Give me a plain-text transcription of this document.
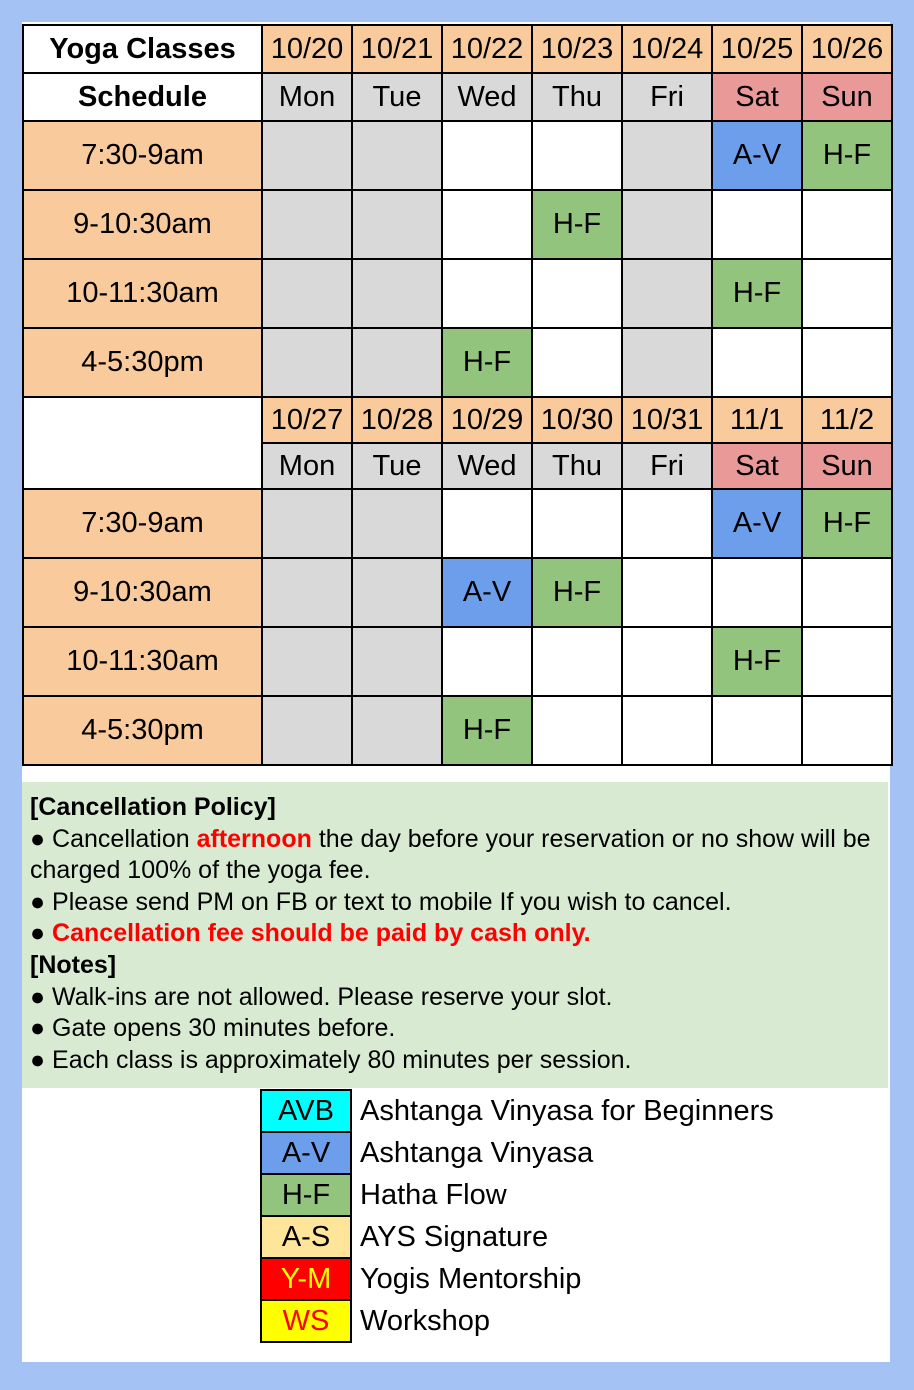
Yoga Classes	10/20	10/21	10/22	10/23	10/24	10/25	10/26
Schedule	Mon	Tue	Wed	Thu	Fri	Sat	Sun
7:30-9am						A-V	H-F
9-10:30am				H-F			
10-11:30am						H-F	
4-5:30pm			H-F				
	10/27	10/28	10/29	10/30	10/31	11/1	11/2
	Mon	Tue	Wed	Thu	Fri	Sat	Sun
7:30-9am						A-V	H-F
9-10:30am			A-V	H-F			
10-11:30am						H-F	
4-5:30pm			H-F				
[Cancellation Policy]
● Cancellation afternoon the day before your reservation or no show will be charged 100% of the yoga fee.
● Please send PM on FB or text to mobile If you wish to cancel.
● Cancellation fee should be paid by cash only.
[Notes]
● Walk-ins are not allowed. Please reserve your slot.
● Gate opens 30 minutes before.
● Each class is approximately 80 minutes per session.
AVB	Ashtanga Vinyasa for Beginners
A-V	Ashtanga Vinyasa
H-F	Hatha Flow
A-S	AYS Signature
Y-M	Yogis Mentorship
WS	Workshop
